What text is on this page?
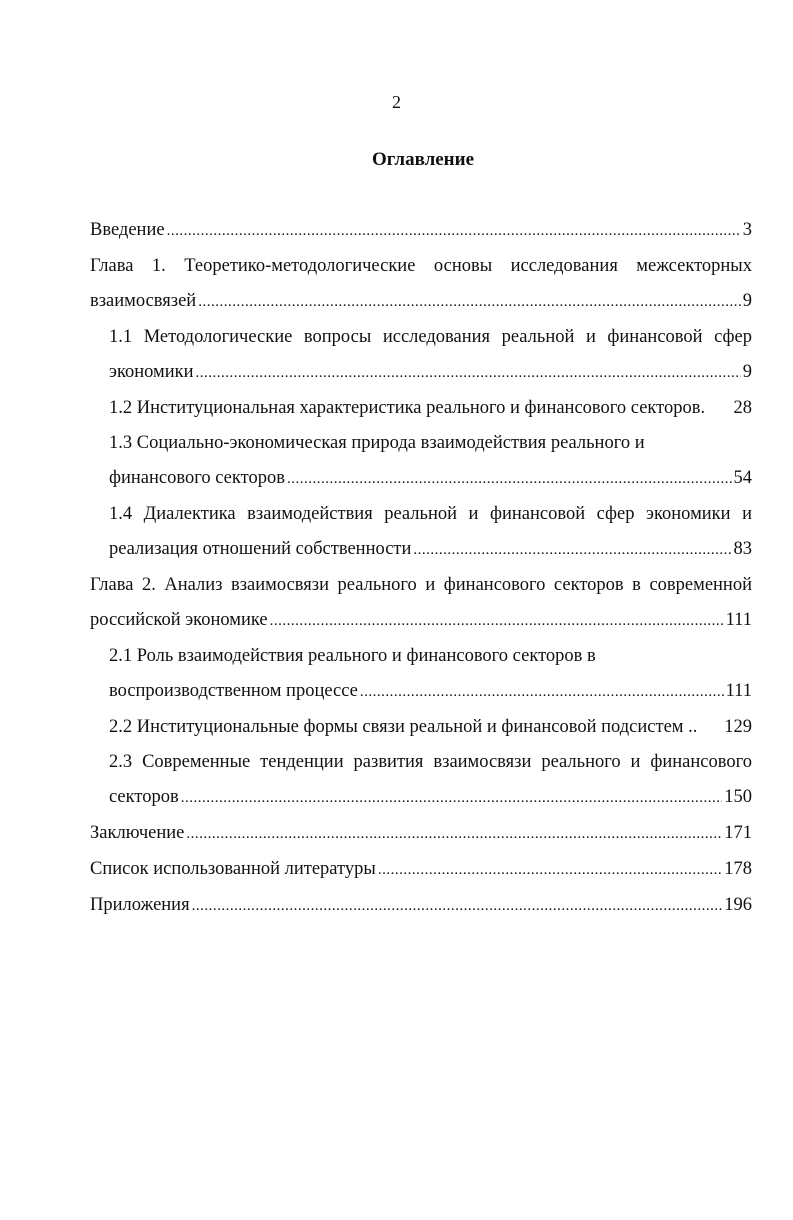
2
Оглавление
Введение .....	3
Глава 1. Теоретико-методологические основы исследования межсекторных
взаимосвязей .....	9
1.1 Методологические вопросы исследования реальной и финансовой сфер
экономики .....	9
1.2 Институциональная характеристика реального и финансового секторов. 28
1.3 Социально-экономическая природа взаимодействия реального и
финансового секторов .....	54
1.4 Диалектика взаимодействия реальной и финансовой сфер экономики и
реализация отношений собственности .....	83
Глава 2. Анализ взаимосвязи реального и финансового секторов в современной
российской экономике .....	111
2.1 Роль взаимодействия реального и финансового секторов в
воспроизводственном процессе .....	111
2.2 Институциональные формы связи реальной и финансовой подсистем .. 129
2.3 Современные тенденции развития взаимосвязи реального и финансового
секторов .....	150
Заключение .....	171
Список использованной литературы .....	178
Приложения .....	196
